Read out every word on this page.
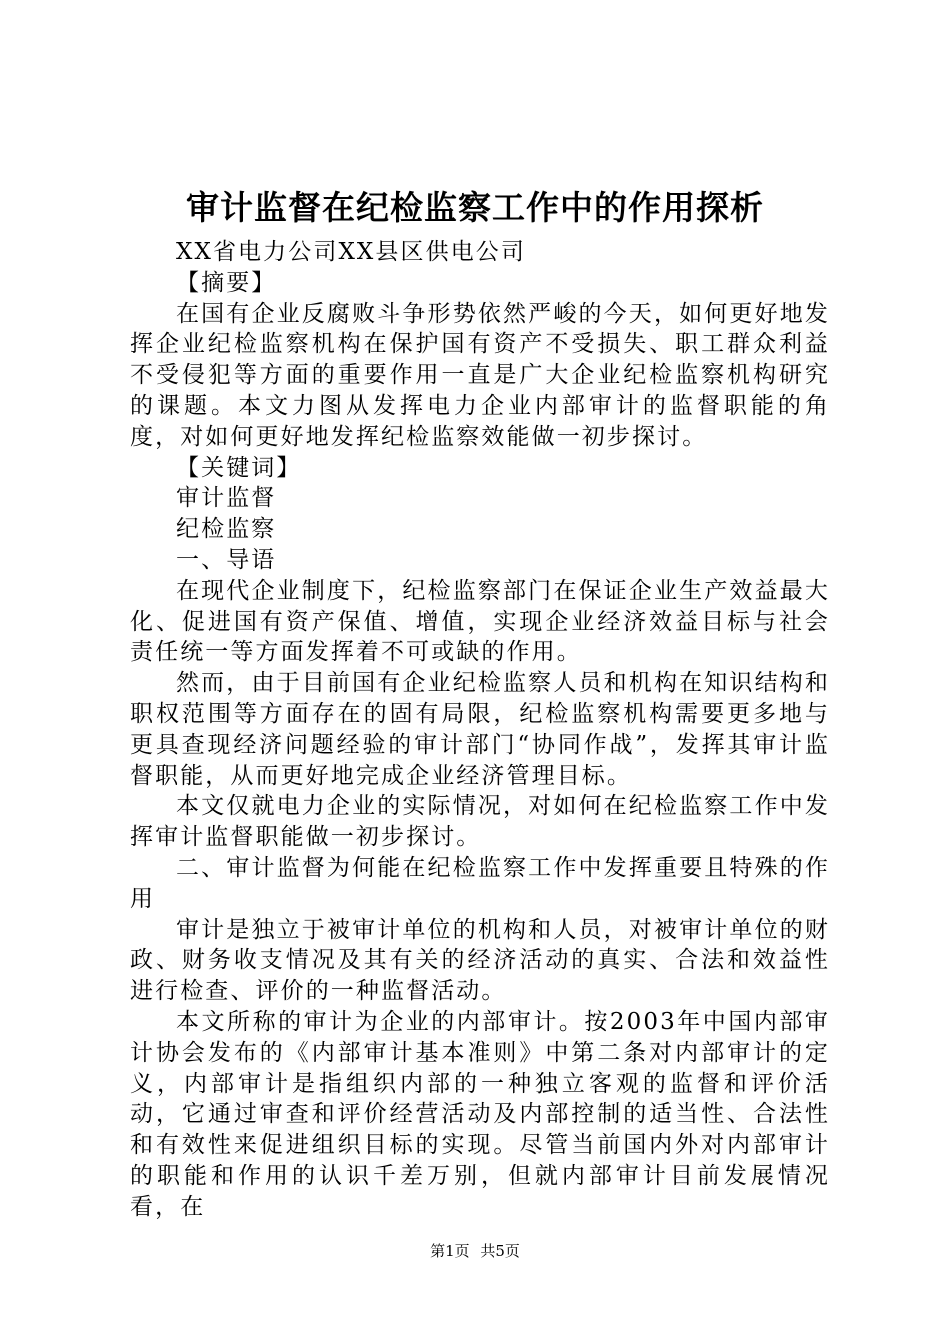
审计监督在纪检监察工作中的作用探析

XX省电力公司XX县区供电公司

【摘要】

在国有企业反腐败斗争形势依然严峻的今天，如何更好地发挥企业纪检监察机构在保护国有资产不受损失、职工群众利益不受侵犯等方面的重要作用一直是广大企业纪检监察机构研究的课题。本文力图从发挥电力企业内部审计的监督职能的角度，对如何更好地发挥纪检监察效能做一初步探讨。

【关键词】

审计监督

纪检监察

一、导语

在现代企业制度下，纪检监察部门在保证企业生产效益最大化、促进国有资产保值、增值，实现企业经济效益目标与社会责任统一等方面发挥着不可或缺的作用。

然而，由于目前国有企业纪检监察人员和机构在知识结构和职权范围等方面存在的固有局限，纪检监察机构需要更多地与更具查现经济问题经验的审计部门“协同作战”，发挥其审计监督职能，从而更好地完成企业经济管理目标。

本文仅就电力企业的实际情况，对如何在纪检监察工作中发挥审计监督职能做一初步探讨。

二、审计监督为何能在纪检监察工作中发挥重要且特殊的作用

审计是独立于被审计单位的机构和人员，对被审计单位的财政、财务收支情况及其有关的经济活动的真实、合法和效益性进行检查、评价的一种监督活动。

本文所称的审计为企业的内部审计。按2003年中国内部审计协会发布的《内部审计基本准则》中第二条对内部审计的定义，内部审计是指组织内部的一种独立客观的监督和评价活动，它通过审查和评价经营活动及内部控制的适当性、合法性和有效性来促进组织目标的实现。尽管当前国内外对内部审计的职能和作用的认识千差万别，但就内部审计目前发展情况看，在

第1页 共5页
